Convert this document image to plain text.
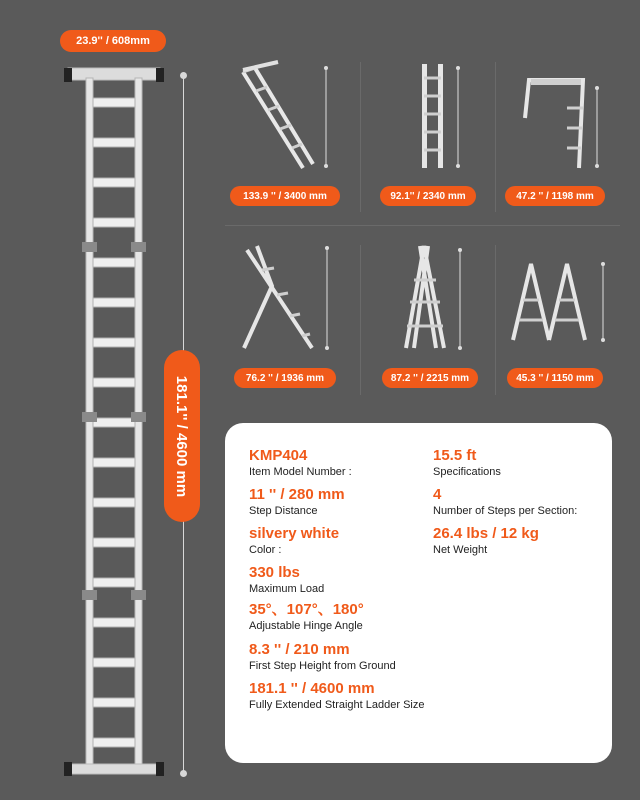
23.9'' / 608mm
181.1'' / 4600 mm
133.9 '' / 3400 mm	92.1'' / 2340 mm	47.2 '' / 1198 mm
76.2 '' / 1936 mm	87.2 '' / 2215 mm	45.3 '' / 1150 mm
KMP404
Item Model Number :
11 '' / 280 mm
Step Distance
silvery white
Color :
330 lbs
Maximum Load
35°、107°、180°
Adjustable Hinge Angle
8.3 '' / 210 mm
First Step Height from Ground
181.1 '' / 4600 mm
Fully Extended Straight Ladder Size
15.5 ft
Specifications
4
Number of Steps per Section:
26.4 lbs / 12 kg
Net Weight
